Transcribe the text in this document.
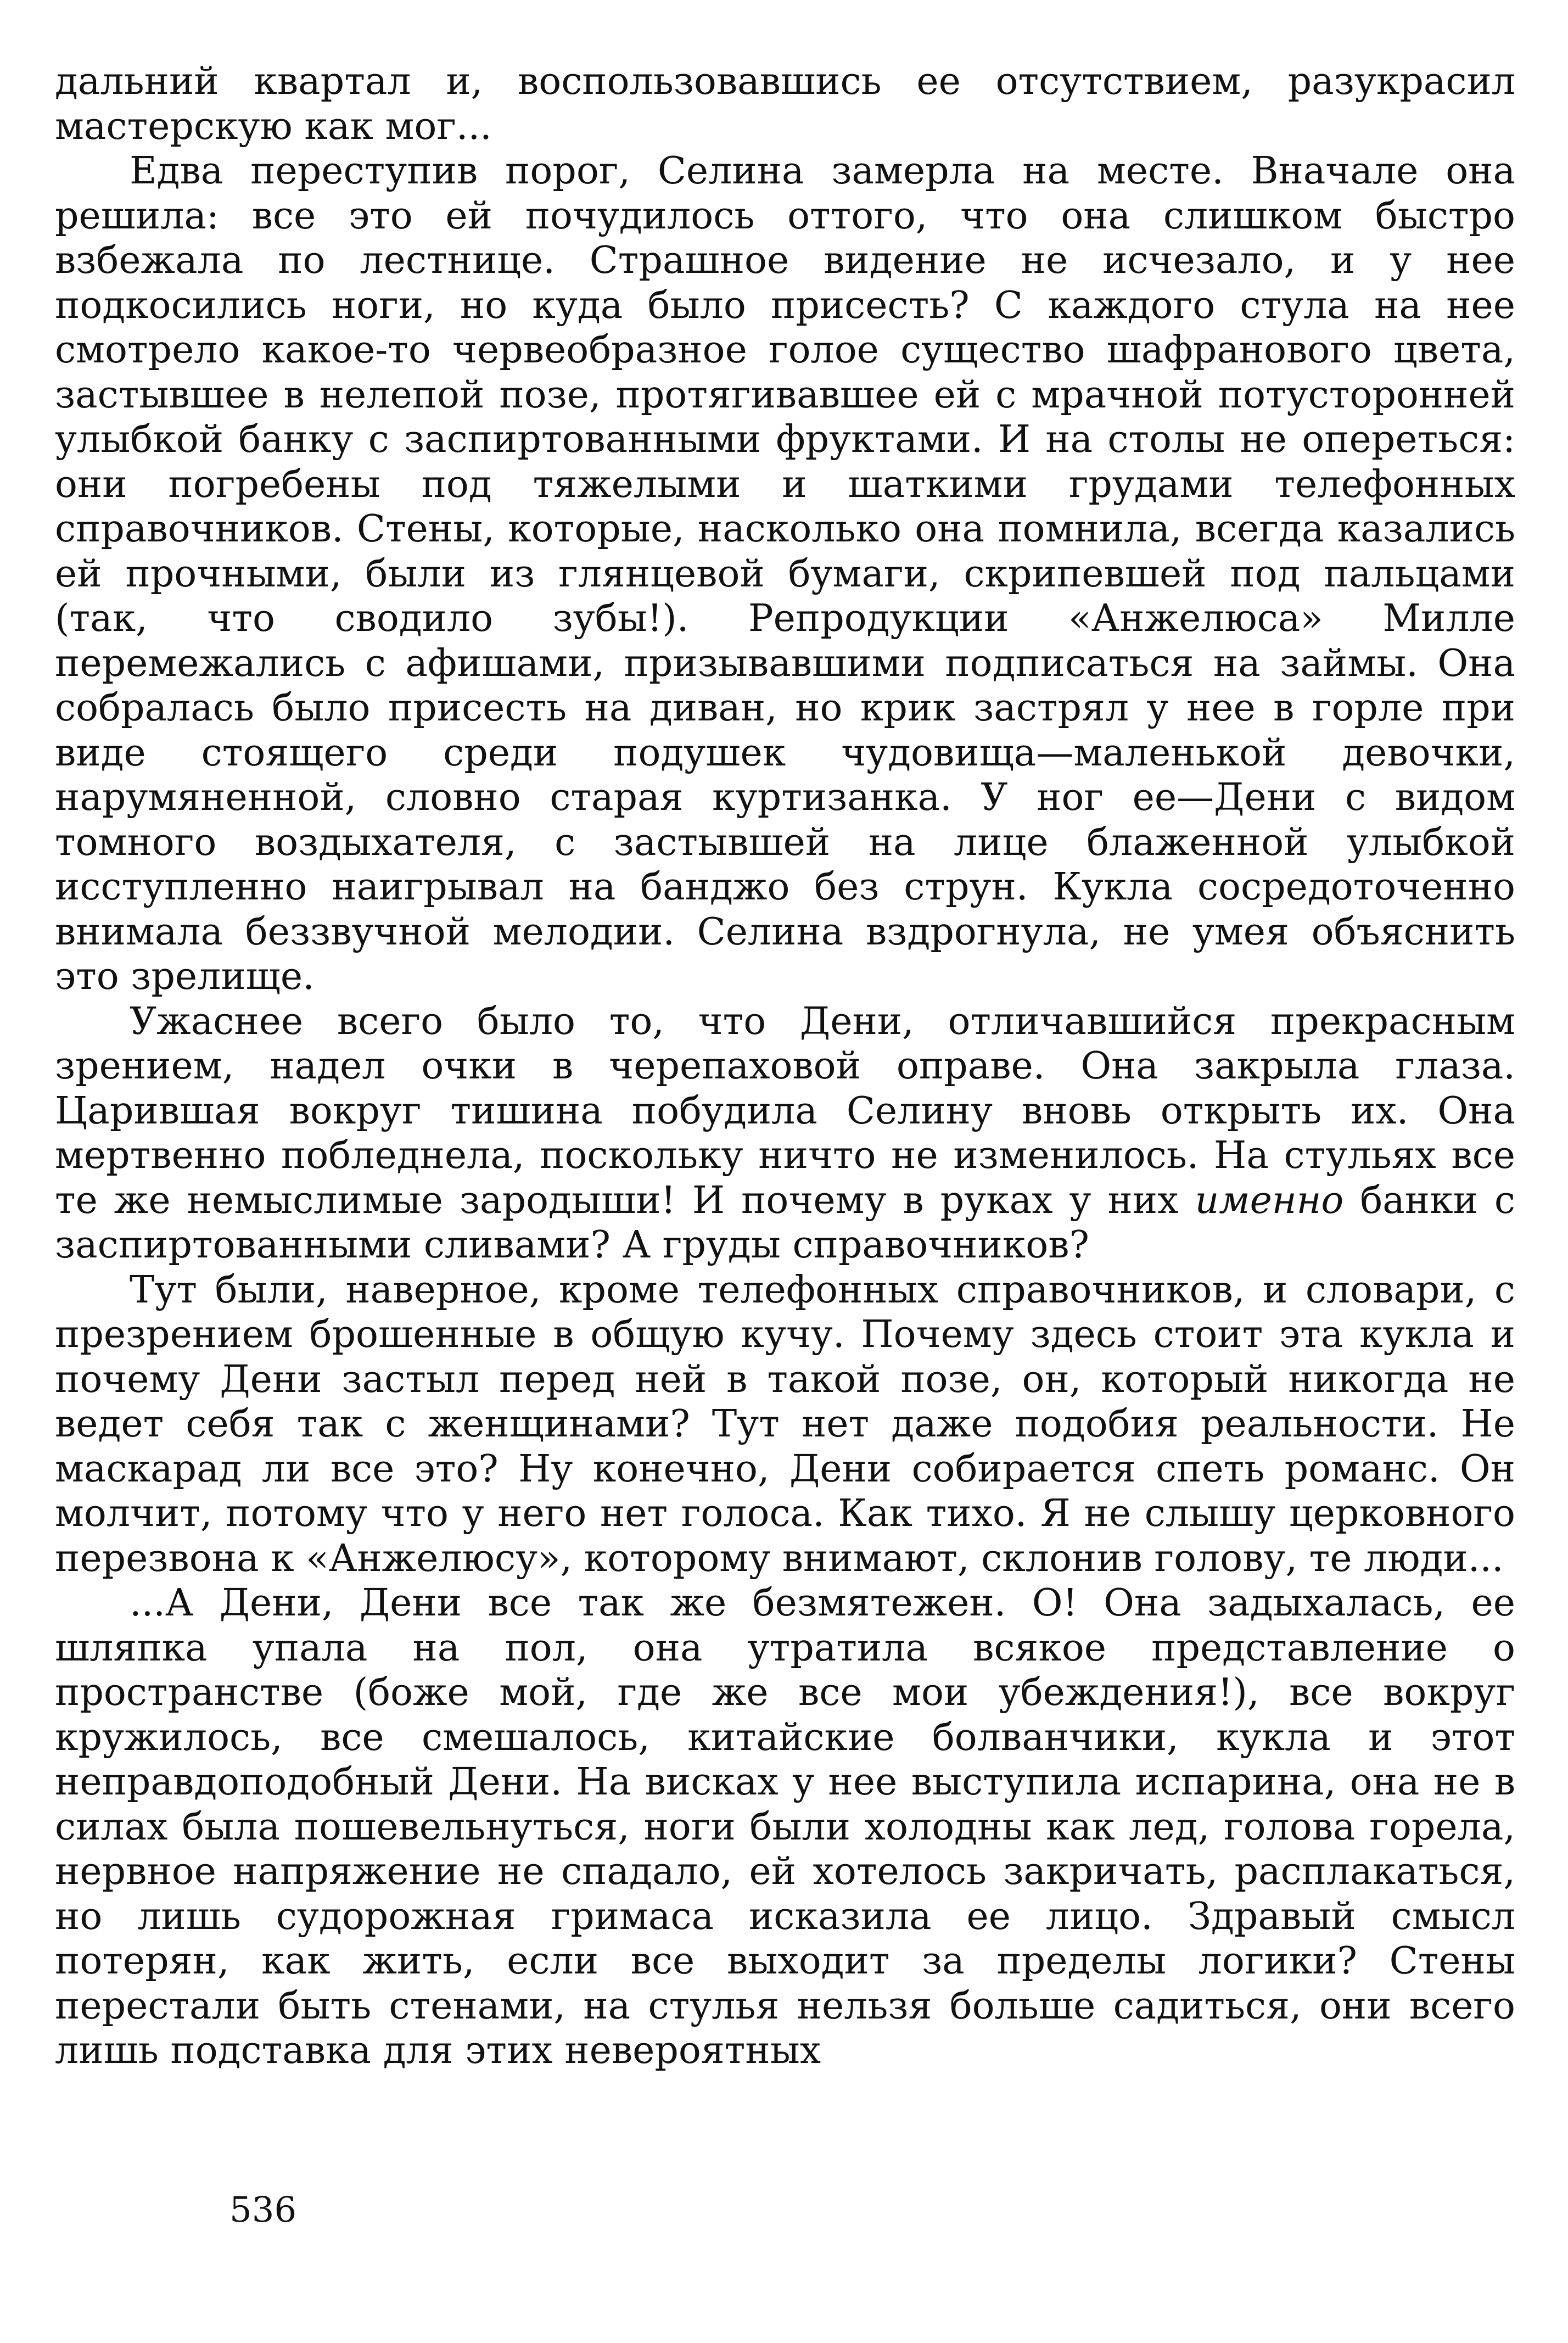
дальний квартал и, воспользовавшись ее отсутствием, разукрасил мастерскую как мог...

Едва переступив порог, Селина замерла на месте. Вначале она решила: все это ей почудилось оттого, что она слишком быстро взбежала по лестнице. Страшное видение не исчезало, и у нее подкосились ноги, но куда было присесть? С каждого стула на нее смотрело какое-то червеобразное голое существо шафранового цвета, застывшее в нелепой позе, протягивавшее ей с мрачной потусторонней улыбкой банку с заспиртованными фруктами. И на столы не опереться: они погребены под тяжелыми и шаткими грудами телефонных справочников. Стены, которые, насколько она помнила, всегда казались ей прочными, были из глянцевой бумаги, скрипевшей под пальцами (так, что сводило зубы!). Репродукции «Анжелюса» Милле перемежались с афишами, призывавшими подписаться на займы. Она собралась было присесть на диван, но крик застрял у нее в горле при виде стоящего среди подушек чудовища—маленькой девочки, нарумяненной, словно старая куртизанка. У ног ее—Дени с видом томного воздыхателя, с застывшей на лице блаженной улыбкой исступленно наигрывал на банджо без струн. Кукла сосредоточенно внимала беззвучной мелодии. Селина вздрогнула, не умея объяснить это зрелище.

Ужаснее всего было то, что Дени, отличавшийся прекрасным зрением, надел очки в черепаховой оправе. Она закрыла глаза. Царившая вокруг тишина побудила Селину вновь открыть их. Она мертвенно побледнела, поскольку ничто не изменилось. На стульях все те же немыслимые зародыши! И почему в руках у них именно банки с заспиртованными сливами? А груды справочников?

Тут были, наверное, кроме телефонных справочников, и словари, с презрением брошенные в общую кучу. Почему здесь стоит эта кукла и почему Дени застыл перед ней в такой позе, он, который никогда не ведет себя так с женщинами? Тут нет даже подобия реальности. Не маскарад ли все это? Ну конечно, Дени собирается спеть романс. Он молчит, потому что у него нет голоса. Как тихо. Я не слышу церковного перезвона к «Анжелюсу», которому внимают, склонив голову, те люди...

...А Дени, Дени все так же безмятежен. О! Она задыхалась, ее шляпка упала на пол, она утратила всякое представление о пространстве (боже мой, где же все мои убеждения!), все вокруг кружилось, все смешалось, китайские болванчики, кукла и этот неправдоподобный Дени. На висках у нее выступила испарина, она не в силах была пошевельнуться, ноги были холодны как лед, голова горела, нервное напряжение не спадало, ей хотелось закричать, расплакаться, но лишь судорожная гримаса исказила ее лицо. Здравый смысл потерян, как жить, если все выходит за пределы логики? Стены перестали быть стенами, на стулья нельзя больше садиться, они всего лишь подставка для этих невероятных

536
